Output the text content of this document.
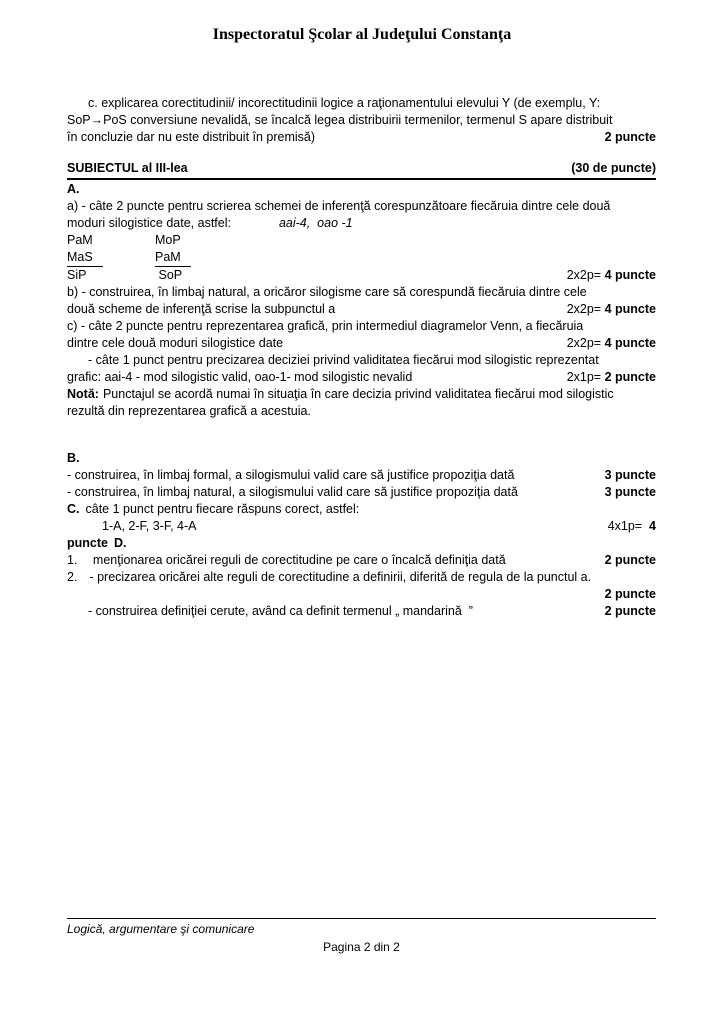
Inspectoratul Şcolar al Judeţului Constanţa
c. explicarea corectitudinii/ incorectitudinii logice a raţionamentului elevului Y (de exemplu, Y:
SoP→PoS conversiune nevalidă, se încalcă legea distribuirii termenilor, termenul S apare distribuit
în concluzie dar nu este distribuit în premisă)	2 puncte
SUBIECTUL al III-lea	(30 de puncte)
A.
a) - câte 2 puncte pentru scrierea schemei de inferenţă corespunzătoare fiecăruia dintre cele două
moduri silogistice date, astfel:	aai-4,  oao -1
PaM	MoP
MaS	PaM
SiP	SoP	2x2p= 4 puncte
b) - construirea, în limbaj natural, a oricăror silogisme care să corespundă fiecăruia dintre cele
două scheme de inferenţă scrise la subpunctul a	2x2p= 4 puncte
c) - câte 2 puncte pentru reprezentarea grafică, prin intermediul diagramelor Venn, a fiecăruia
dintre cele două moduri silogistice date	2x2p= 4 puncte
- câte 1 punct pentru precizarea deciziei privind validitatea fiecărui mod silogistic reprezentat
grafic: aai-4 - mod silogistic valid, oao-1- mod silogistic nevalid	2x1p= 2 puncte
Notă: Punctajul se acordă numai în situaţia în care decizia privind validitatea fiecărui mod silogistic
rezultă din reprezentarea grafică a acestuia.
B.
- construirea, în limbaj formal, a silogismului valid care să justifice propoziţia dată	3 puncte
- construirea, în limbaj natural, a silogismului valid care să justifice propoziţia dată	3 puncte
C. câte 1 punct pentru fiecare răspuns corect, astfel:
1-A, 2-F, 3-F, 4-A	4x1p=  4
puncte D.
1. menţionarea oricărei reguli de corectitudine pe care o încalcă definiţia dată	2 puncte
2. - precizarea oricărei alte reguli de corectitudine a definirii, diferită de regula de la punctul a.
2 puncte
- construirea definiţiei cerute, având ca definit termenul „ mandarină  ”	2 puncte
Logică, argumentare şi comunicare
Pagina 2 din 2
